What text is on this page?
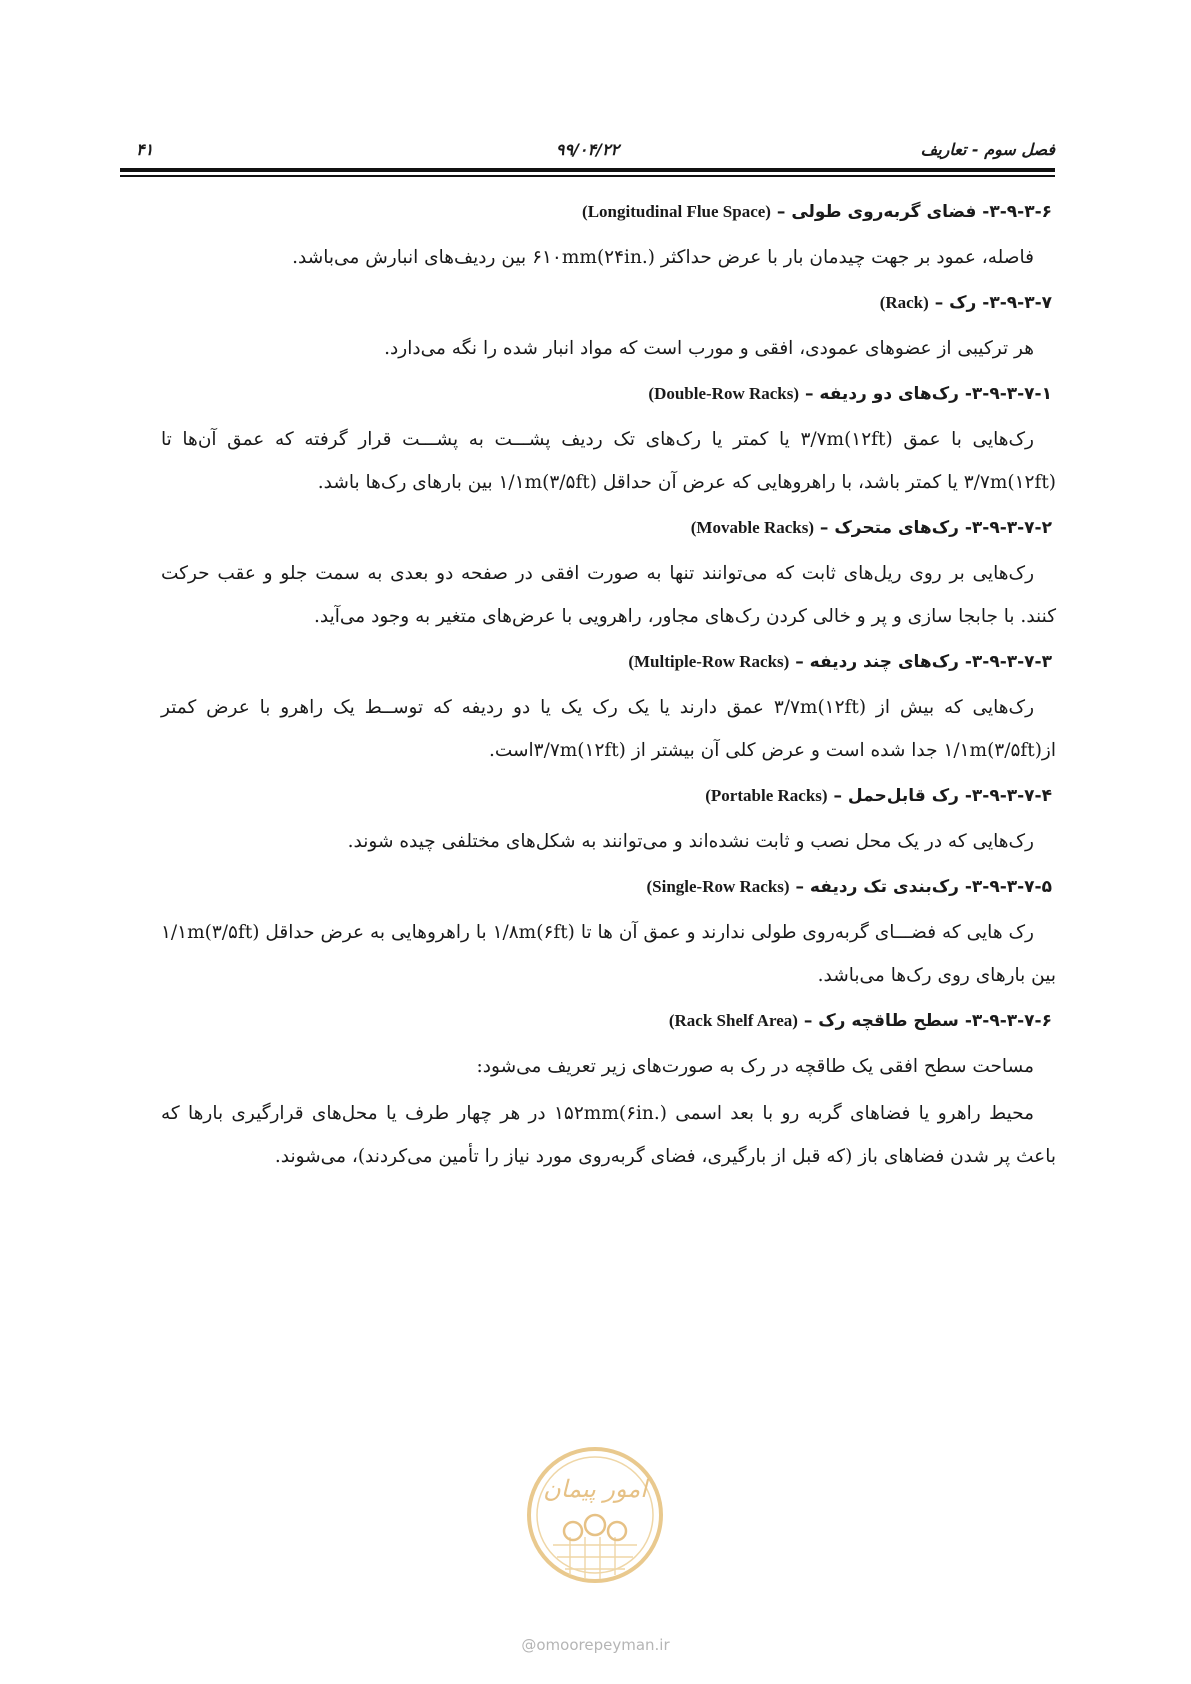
فصل سوم - تعاریف
۹۹/۰۴/۲۲
۴۱
۳-۹-۳-۶- فضای گربه‌روی طولی – (Longitudinal Flue Space)

فاصله، عمود بر جهت چیدمان بار با عرض حداکثر ۶۱۰mm(۲۴in.) بین ردیف‌های انبارش می‌باشد.

۳-۹-۳-۷- رک – (Rack)

هر ترکیبی از عضوهای عمودی، افقی و مورب است که مواد انبار شده را نگه می‌دارد.

۳-۹-۳-۷-۱- رک‌های دو ردیفه – (Double-Row Racks)

رک‌هایی با عمق ۳/۷m(۱۲ft) یا کمتر یا رک‌های تک ردیف پشـــت به پشـــت قرار گرفته که عمق آن‌ها تا ۳/۷m(۱۲ft) یا کمتر باشد، با راهروهایی که عرض آن حداقل ۱/۱m(۳/۵ft) بین بارهای رک‌ها باشد.

۳-۹-۳-۷-۲- رک‌های متحرک – (Movable Racks)

رک‌هایی بر روی ریل‌های ثابت که می‌توانند تنها به صورت افقی در صفحه دو بعدی به سمت جلو و عقب حرکت کنند. با جابجا سازی و پر و خالی کردن رک‌های مجاور، راهرویی با عرض‌های متغیر به وجود می‌آید.

۳-۹-۳-۷-۳- رک‌های چند ردیفه – (Multiple-Row Racks)

رک‌هایی که بیش از ۳/۷m(۱۲ft) عمق دارند یا یک رک یک یا دو ردیفه که توســط یک راهرو با عرض کمتر از۱/۱m(۳/۵ft) جدا شده است و عرض کلی آن بیشتر از ۳/۷m(۱۲ft)است.

۳-۹-۳-۷-۴- رک قابل‌حمل – (Portable Racks)

رک‌هایی که در یک محل نصب و ثابت نشده‌اند و می‌توانند به شکل‌های مختلفی چیده شوند.

۳-۹-۳-۷-۵- رک‌بندی تک ردیفه – (Single-Row Racks)

رک هایی که فضـــای گربه‌روی طولی ندارند و عمق آن ها تا ۱/۸m(۶ft) با راهروهایی به عرض حداقل ۱/۱m(۳/۵ft) بین بارهای روی رک‌ها می‌باشد.

۳-۹-۳-۷-۶- سطح طاقچه رک – (Rack Shelf Area)

مساحت سطح افقی یک طاقچه در رک به صورت‌های زیر تعریف می‌شود:

محیط راهرو یا فضاهای گربه رو با بعد اسمی ۱۵۲mm(۶in.) در هر چهار طرف یا محل‌های قرارگیری بارها که باعث پر شدن فضاهای باز (که قبل از بارگیری، فضای گربه‌روی مورد نیاز را تأمین می‌کردند)، می‌شوند.

امور پیمان
@omoorepeyman.ir
